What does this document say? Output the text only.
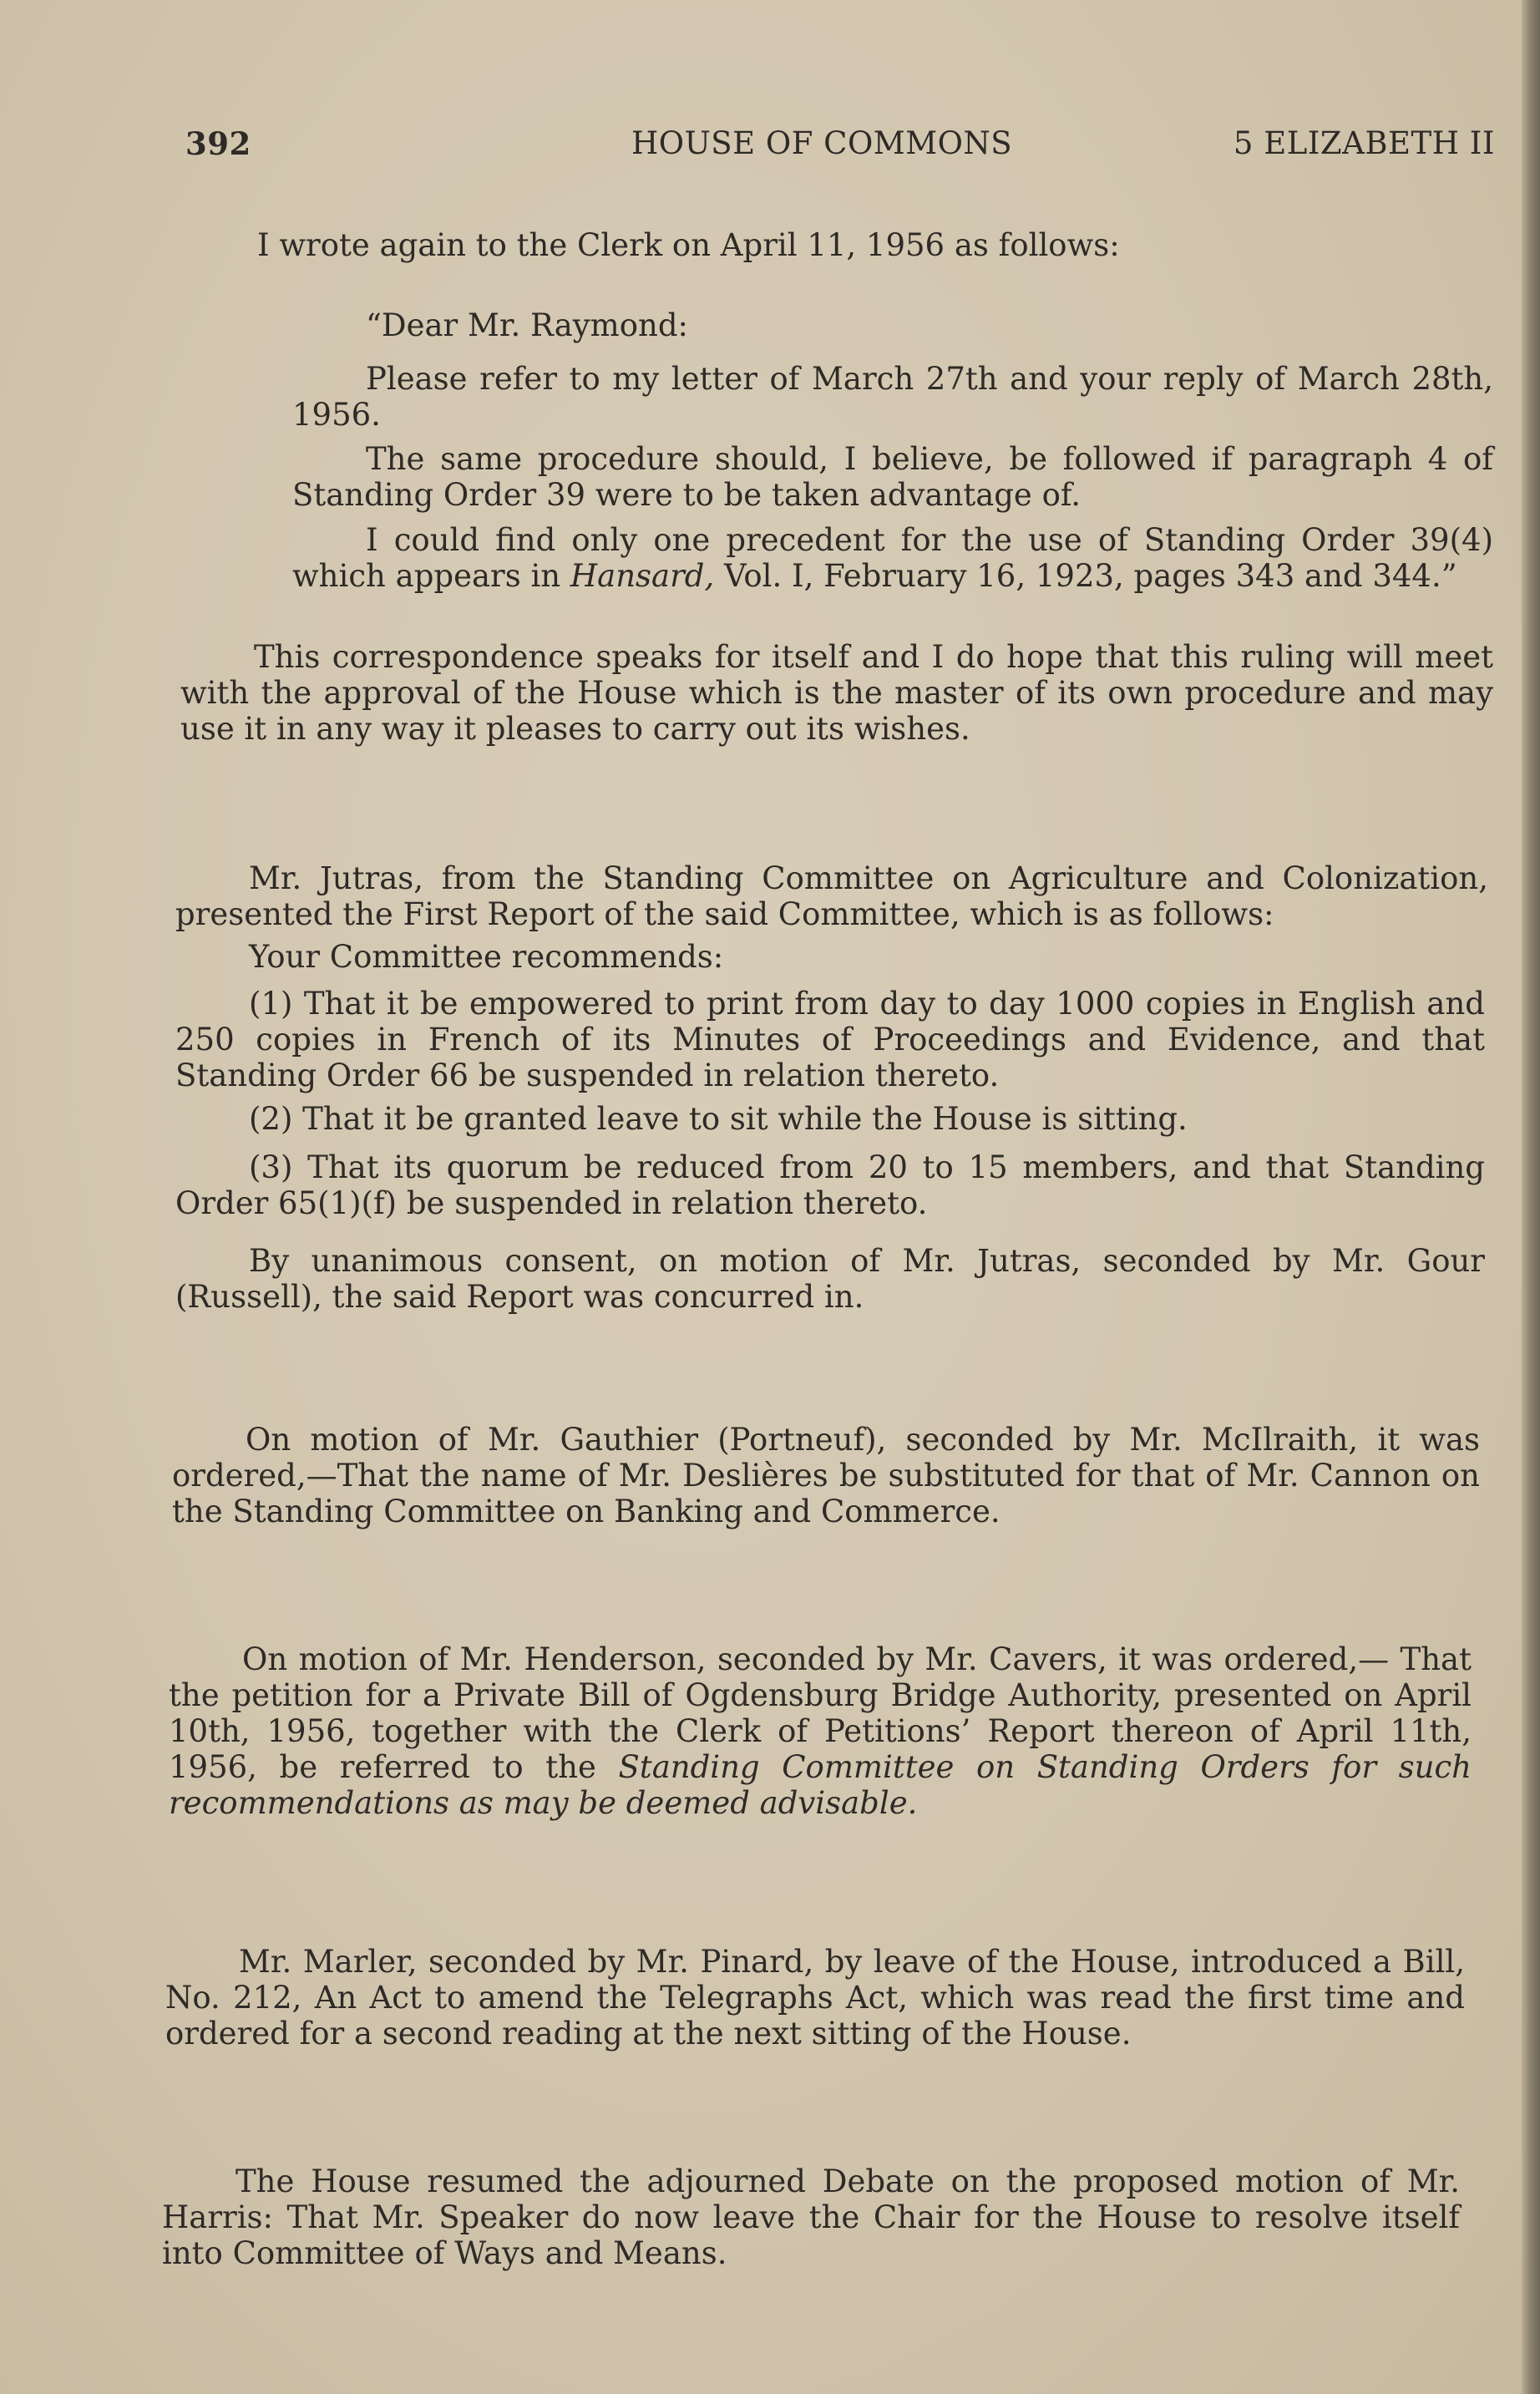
392	HOUSE OF COMMONS	5 ELIZABETH II

I wrote again to the Clerk on April 11, 1956 as follows:

“Dear Mr. Raymond:

Please refer to my letter of March 27th and your reply of March 28th, 1956.

The same procedure should, I believe, be followed if paragraph 4 of Standing Order 39 were to be taken advantage of.

I could find only one precedent for the use of Standing Order 39(4) which appears in Hansard, Vol. I, February 16, 1923, pages 343 and 344.”

This correspondence speaks for itself and I do hope that this ruling will meet with the approval of the House which is the master of its own procedure and may use it in any way it pleases to carry out its wishes.

Mr. Jutras, from the Standing Committee on Agriculture and Colonization, presented the First Report of the said Committee, which is as follows:

Your Committee recommends:

(1) That it be empowered to print from day to day 1000 copies in English and 250 copies in French of its Minutes of Proceedings and Evidence, and that Standing Order 66 be suspended in relation thereto.

(2) That it be granted leave to sit while the House is sitting.

(3) That its quorum be reduced from 20 to 15 members, and that Standing Order 65(1)(f) be suspended in relation thereto.

By unanimous consent, on motion of Mr. Jutras, seconded by Mr. Gour (Russell), the said Report was concurred in.

On motion of Mr. Gauthier (Portneuf), seconded by Mr. McIlraith, it was ordered,—That the name of Mr. Deslières be substituted for that of Mr. Cannon on the Standing Committee on Banking and Commerce.

On motion of Mr. Henderson, seconded by Mr. Cavers, it was ordered,— That the petition for a Private Bill of Ogdensburg Bridge Authority, presented on April 10th, 1956, together with the Clerk of Petitions’ Report thereon of April 11th, 1956, be referred to the Standing Committee on Standing Orders for such recommendations as may be deemed advisable.

Mr. Marler, seconded by Mr. Pinard, by leave of the House, introduced a Bill, No. 212, An Act to amend the Telegraphs Act, which was read the first time and ordered for a second reading at the next sitting of the House.

The House resumed the adjourned Debate on the proposed motion of Mr. Harris: That Mr. Speaker do now leave the Chair for the House to resolve itself into Committee of Ways and Means.
